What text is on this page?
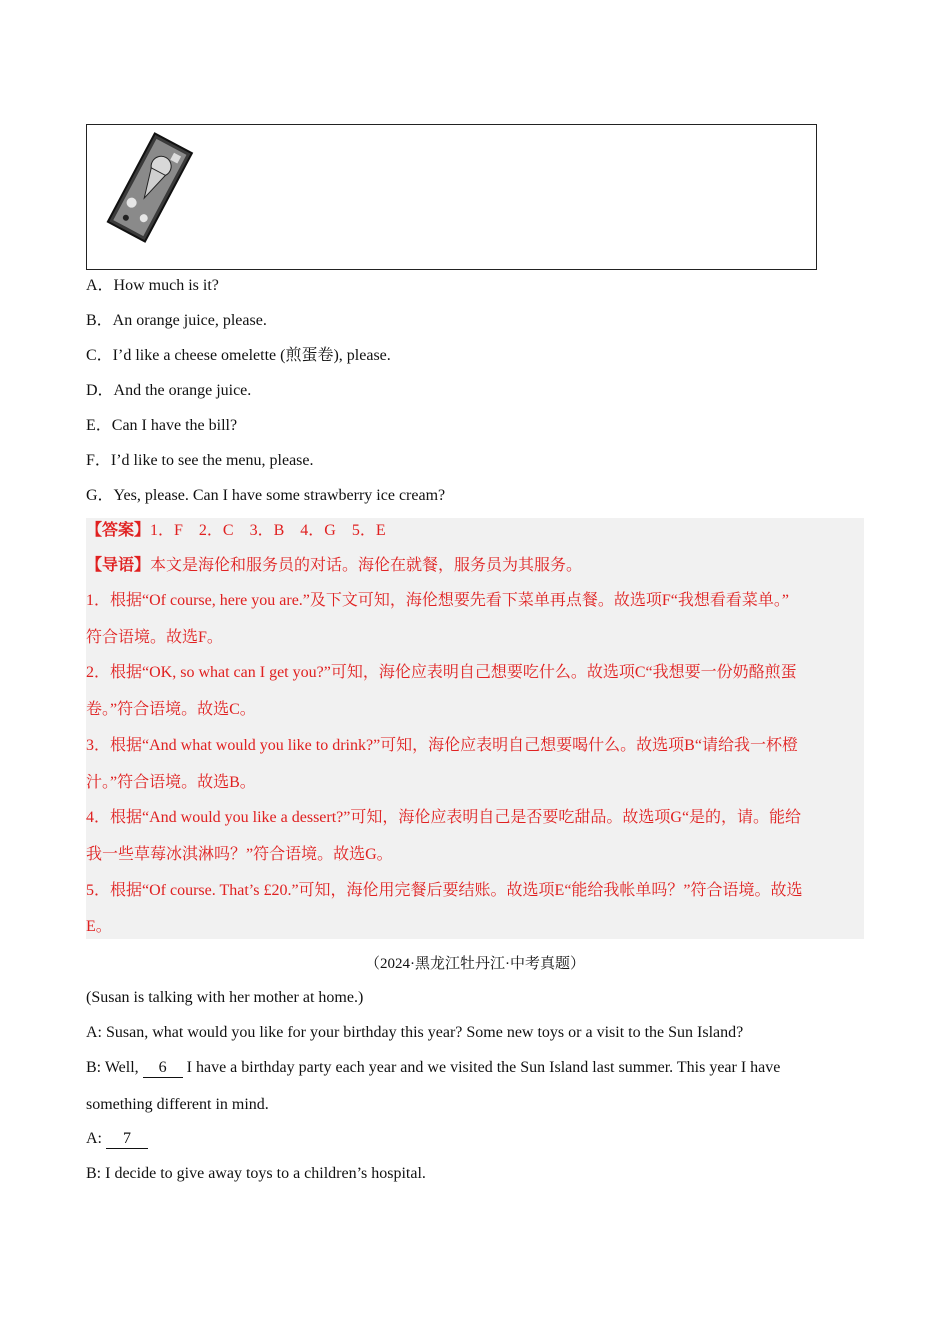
A．How much is it?
B．An orange juice, please.
C．I’d like a cheese omelette (煎蛋卷), please.
D．And the orange juice.
E．Can I have the bill?
F．I’d like to see the menu, please.
G．Yes, please. Can I have some strawberry ice cream?
【答案】1．F　2．C　3．B　4．G　5．E
【导语】本文是海伦和服务员的对话。海伦在就餐，服务员为其服务。
1．根据“Of course, here you are.”及下文可知，海伦想要先看下菜单再点餐。故选项F“我想看看菜单。”
符合语境。故选F。
2．根据“OK, so what can I get you?”可知，海伦应表明自己想要吃什么。故选项C“我想要一份奶酪煎蛋
卷。”符合语境。故选C。
3．根据“And what would you like to drink?”可知，海伦应表明自己想要喝什么。故选项B“请给我一杯橙
汁。”符合语境。故选B。
4．根据“And would you like a dessert?”可知，海伦应表明自己是否要吃甜品。故选项G“是的，请。能给
我一些草莓冰淇淋吗？”符合语境。故选G。
5．根据“Of course. That’s £20.”可知，海伦用完餐后要结账。故选项E“能给我帐单吗？”符合语境。故选
E。
（2024·黑龙江牡丹江·中考真题）
(Susan is talking with her mother at home.)
A: Susan, what would you like for your birthday this year? Some new toys or a visit to the Sun Island?
B: Well, 6 I have a birthday party each year and we visited the Sun Island last summer. This year I have
something different in mind.
A: 7
B: I decide to give away toys to a children’s hospital.
